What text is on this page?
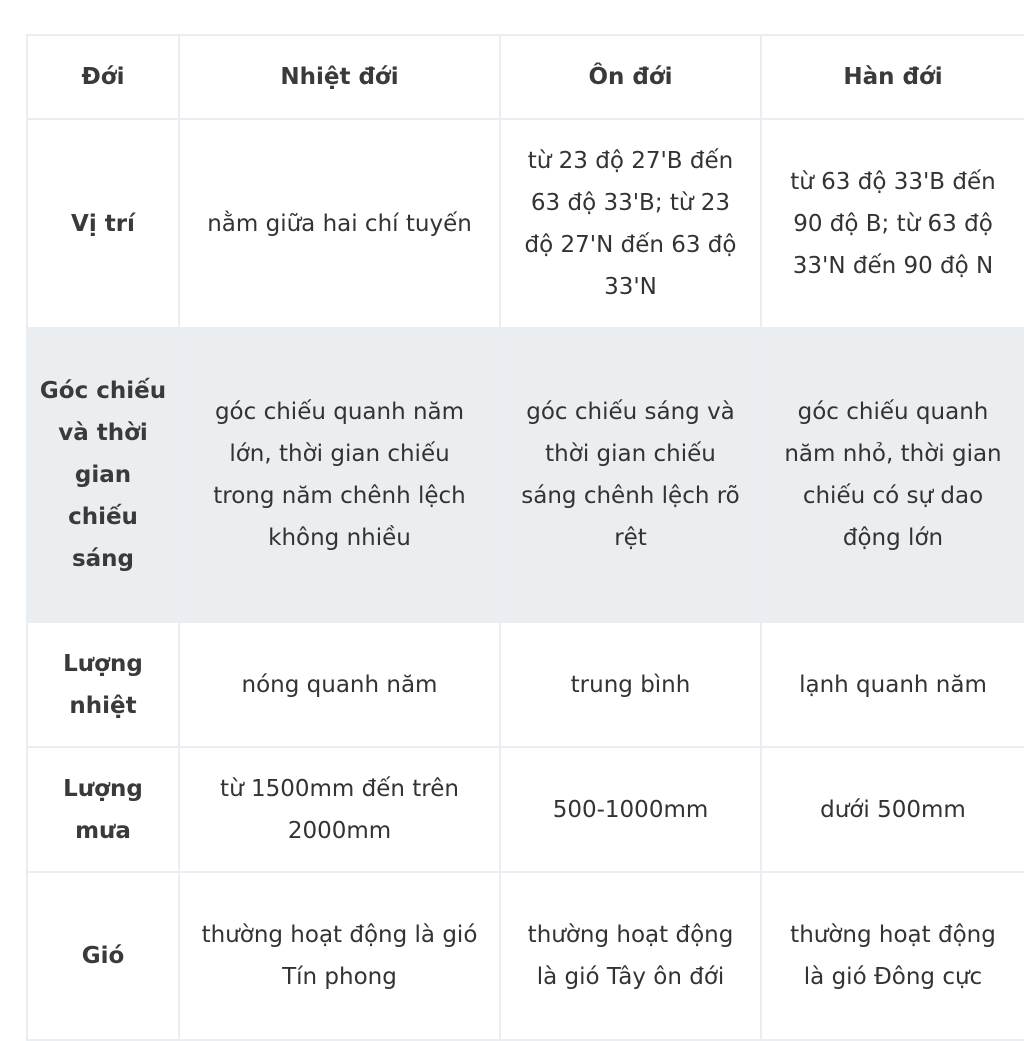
Đới	Nhiệt đới	Ôn đới	Hàn đới
Vị trí	nằm giữa hai chí tuyến	từ 23 độ 27'B đến 63 độ 33'B; từ 23 độ 27'N đến 63 độ 33'N	từ 63 độ 33'B đến 90 độ B; từ 63 độ 33'N đến 90 độ N
Góc chiếu và thời gian chiếu sáng	góc chiếu quanh năm lớn, thời gian chiếu trong năm chênh lệch không nhiều	góc chiếu sáng và thời gian chiếu sáng chênh lệch rõ rệt	góc chiếu quanh năm nhỏ, thời gian chiếu có sự dao động lớn
Lượng nhiệt	nóng quanh năm	trung bình	lạnh quanh năm
Lượng mưa	từ 1500mm đến trên 2000mm	500-1000mm	dưới 500mm
Gió	thường hoạt động là gió Tín phong	thường hoạt động là gió Tây ôn đới	thường hoạt động là gió Đông cực
